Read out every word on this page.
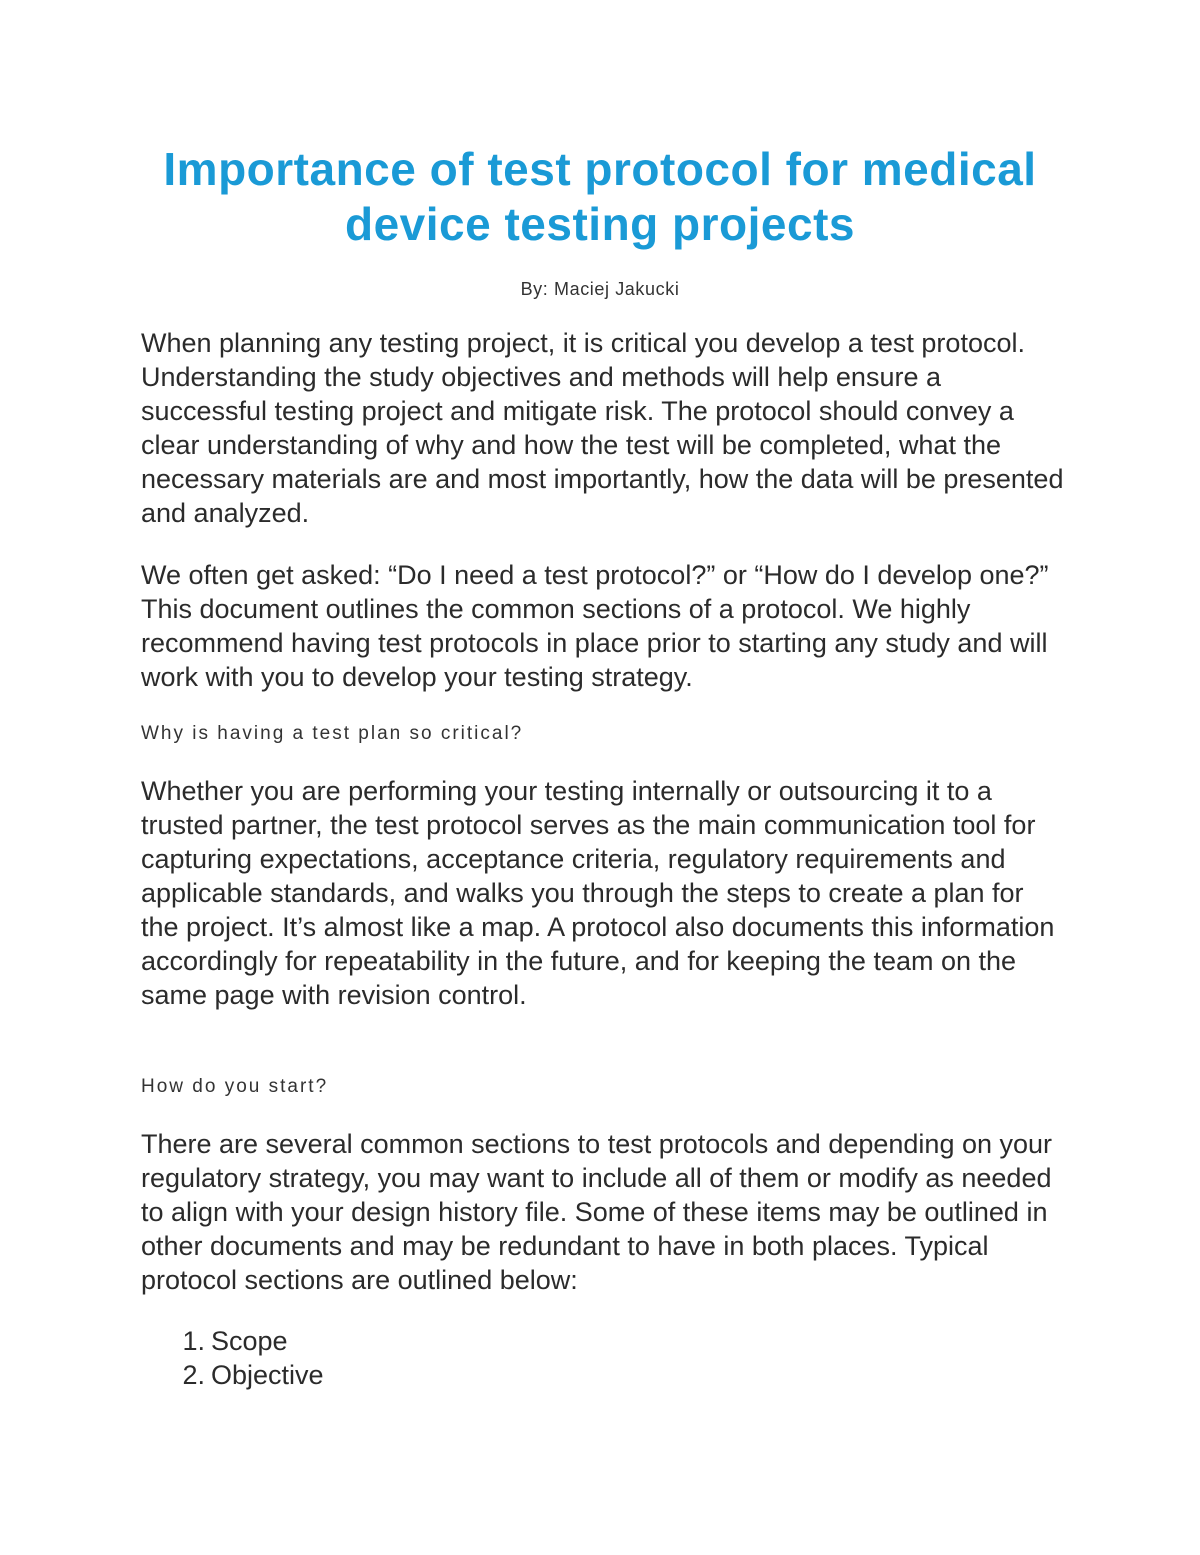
Importance of test protocol for medical device testing projects

By: Maciej Jakucki

When planning any testing project, it is critical you develop a test protocol. Understanding the study objectives and methods will help ensure a successful testing project and mitigate risk. The protocol should convey a clear understanding of why and how the test will be completed, what the necessary materials are and most importantly, how the data will be presented and analyzed.

We often get asked: “Do I need a test protocol?” or “How do I develop one?” This document outlines the common sections of a protocol. We highly recommend having test protocols in place prior to starting any study and will work with you to develop your testing strategy.

Why is having a test plan so critical?

Whether you are performing your testing internally or outsourcing it to a trusted partner, the test protocol serves as the main communication tool for capturing expectations, acceptance criteria, regulatory requirements and applicable standards, and walks you through the steps to create a plan for the project. It’s almost like a map. A protocol also documents this information accordingly for repeatability in the future, and for keeping the team on the same page with revision control.

How do you start?

There are several common sections to test protocols and depending on your regulatory strategy, you may want to include all of them or modify as needed to align with your design history file. Some of these items may be outlined in other documents and may be redundant to have in both places. Typical protocol sections are outlined below:

1. Scope
2. Objective
